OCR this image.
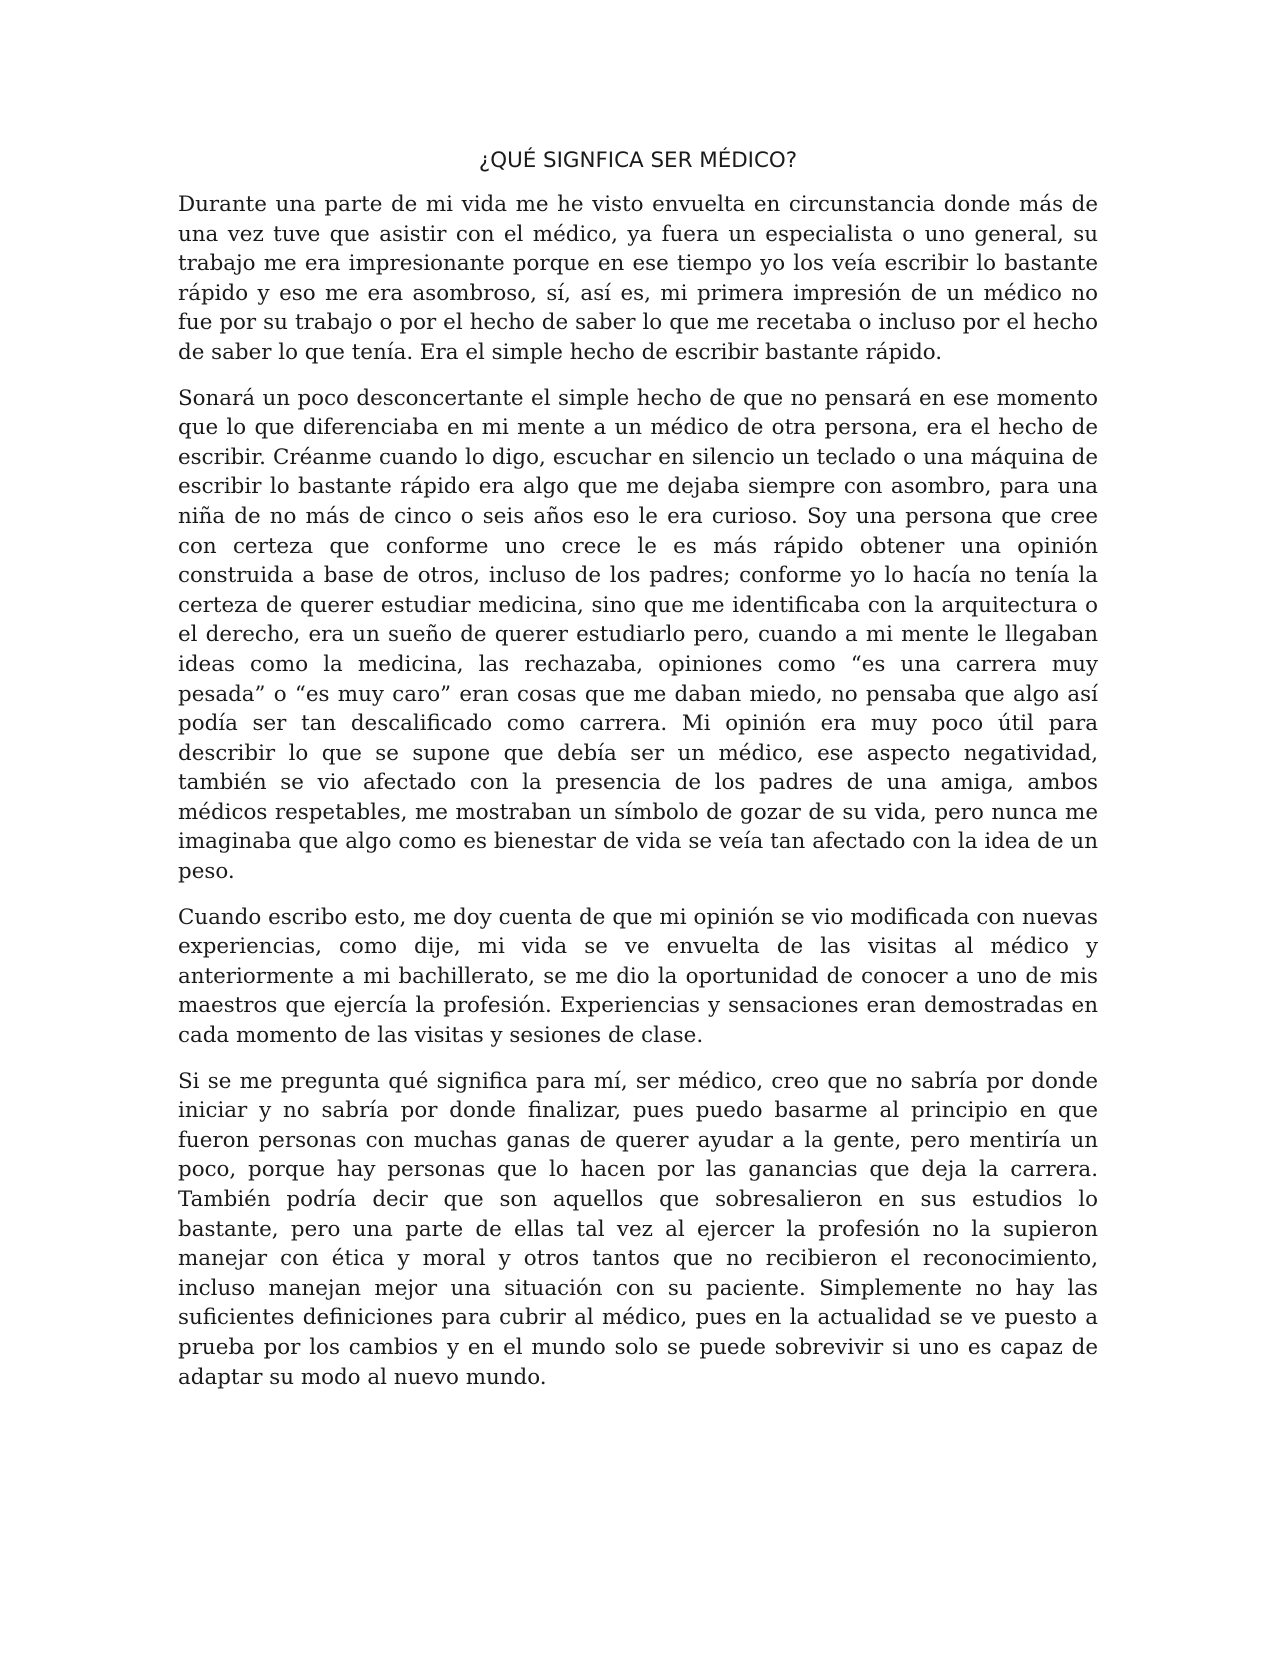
¿QUÉ SIGNFICA SER MÉDICO?

Durante una parte de mi vida me he visto envuelta en circunstancia donde más de una vez tuve que asistir con el médico, ya fuera un especialista o uno general, su trabajo me era impresionante porque en ese tiempo yo los veía escribir lo bastante rápido y eso me era asombroso, sí, así es, mi primera impresión de un médico no fue por su trabajo o por el hecho de saber lo que me recetaba o incluso por el hecho de saber lo que tenía. Era el simple hecho de escribir bastante rápido.

Sonará un poco desconcertante el simple hecho de que no pensará en ese momento que lo que diferenciaba en mi mente a un médico de otra persona, era el hecho de escribir. Créanme cuando lo digo, escuchar en silencio un teclado o una máquina de escribir lo bastante rápido era algo que me dejaba siempre con asombro, para una niña de no más de cinco o seis años eso le era curioso. Soy una persona que cree con certeza que conforme uno crece le es más rápido obtener una opinión construida a base de otros, incluso de los padres; conforme yo lo hacía no tenía la certeza de querer estudiar medicina, sino que me identificaba con la arquitectura o el derecho, era un sueño de querer estudiarlo pero, cuando a mi mente le llegaban ideas como la medicina, las rechazaba, opiniones como “es una carrera muy pesada” o “es muy caro” eran cosas que me daban miedo, no pensaba que algo así podía ser tan descalificado como carrera. Mi opinión era muy poco útil para describir lo que se supone que debía ser un médico, ese aspecto negatividad, también se vio afectado con la presencia de los padres de una amiga, ambos médicos respetables, me mostraban un símbolo de gozar de su vida, pero nunca me imaginaba que algo como es bienestar de vida se veía tan afectado con la idea de un peso.

Cuando escribo esto, me doy cuenta de que mi opinión se vio modificada con nuevas experiencias, como dije, mi vida se ve envuelta de las visitas al médico y anteriormente a mi bachillerato, se me dio la oportunidad de conocer a uno de mis maestros que ejercía la profesión. Experiencias y sensaciones eran demostradas en cada momento de las visitas y sesiones de clase.

Si se me pregunta qué significa para mí, ser médico, creo que no sabría por donde iniciar y no sabría por donde finalizar, pues puedo basarme al principio en que fueron personas con muchas ganas de querer ayudar a la gente, pero mentiría un poco, porque hay personas que lo hacen por las ganancias que deja la carrera. También podría decir que son aquellos que sobresalieron en sus estudios lo bastante, pero una parte de ellas tal vez al ejercer la profesión no la supieron manejar con ética y moral y otros tantos que no recibieron el reconocimiento, incluso manejan mejor una situación con su paciente. Simplemente no hay las suficientes definiciones para cubrir al médico, pues en la actualidad se ve puesto a prueba por los cambios y en el mundo solo se puede sobrevivir si uno es capaz de adaptar su modo al nuevo mundo.
